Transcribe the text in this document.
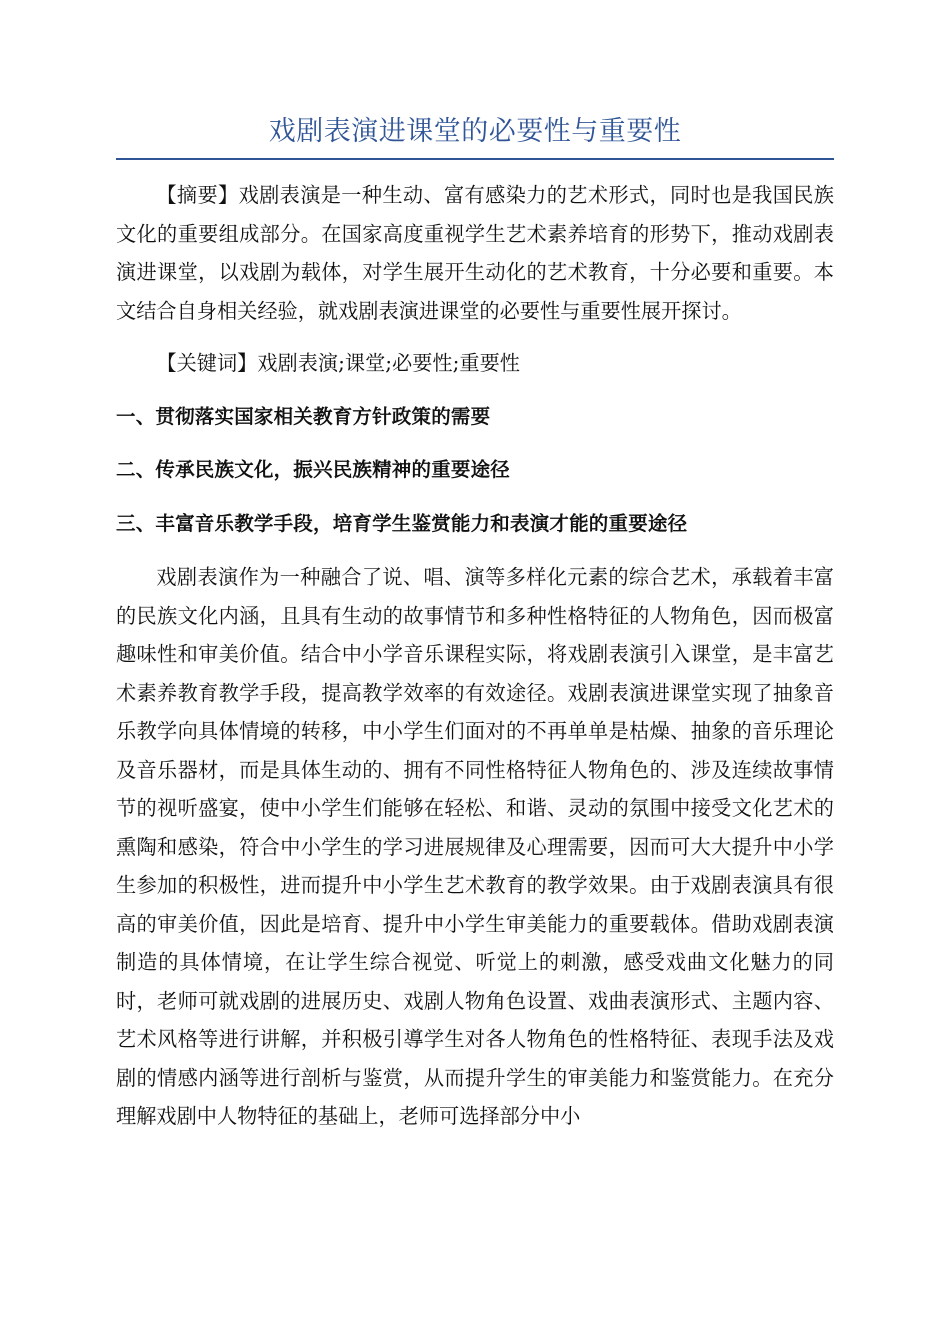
戏剧表演进课堂的必要性与重要性

【摘要】戏剧表演是一种生动、富有感染力的艺术形式，同时也是我国民族文化的重要组成部分。在国家高度重视学生艺术素养培育的形势下，推动戏剧表演进课堂，以戏剧为载体，对学生展开生动化的艺术教育，十分必要和重要。本文结合自身相关经验，就戏剧表演进课堂的必要性与重要性展开探讨。

【关键词】戏剧表演;课堂;必要性;重要性

一、贯彻落实国家相关教育方针政策的需要
二、传承民族文化，振兴民族精神的重要途径
三、丰富音乐教学手段，培育学生鉴赏能力和表演才能的重要途径

戏剧表演作为一种融合了说、唱、演等多样化元素的综合艺术，承载着丰富的民族文化内涵，且具有生动的故事情节和多种性格特征的人物角色，因而极富趣味性和审美价值。结合中小学音乐课程实际，将戏剧表演引入课堂，是丰富艺术素养教育教学手段，提高教学效率的有效途径。戏剧表演进课堂实现了抽象音乐教学向具体情境的转移，中小学生们面对的不再单单是枯燥、抽象的音乐理论及音乐器材，而是具体生动的、拥有不同性格特征人物角色的、涉及连续故事情节的视听盛宴，使中小学生们能够在轻松、和谐、灵动的氛围中接受文化艺术的熏陶和感染，符合中小学生的学习进展规律及心理需要，因而可大大提升中小学生参加的积极性，进而提升中小学生艺术教育的教学效果。由于戏剧表演具有很高的审美价值，因此是培育、提升中小学生审美能力的重要载体。借助戏剧表演制造的具体情境，在让学生综合视觉、听觉上的刺激，感受戏曲文化魅力的同时，老师可就戏剧的进展历史、戏剧人物角色设置、戏曲表演形式、主题内容、艺术风格等进行讲解，并积极引導学生对各人物角色的性格特征、表现手法及戏剧的情感内涵等进行剖析与鉴赏，从而提升学生的审美能力和鉴赏能力。在充分理解戏剧中人物特征的基础上，老师可选择部分中小
